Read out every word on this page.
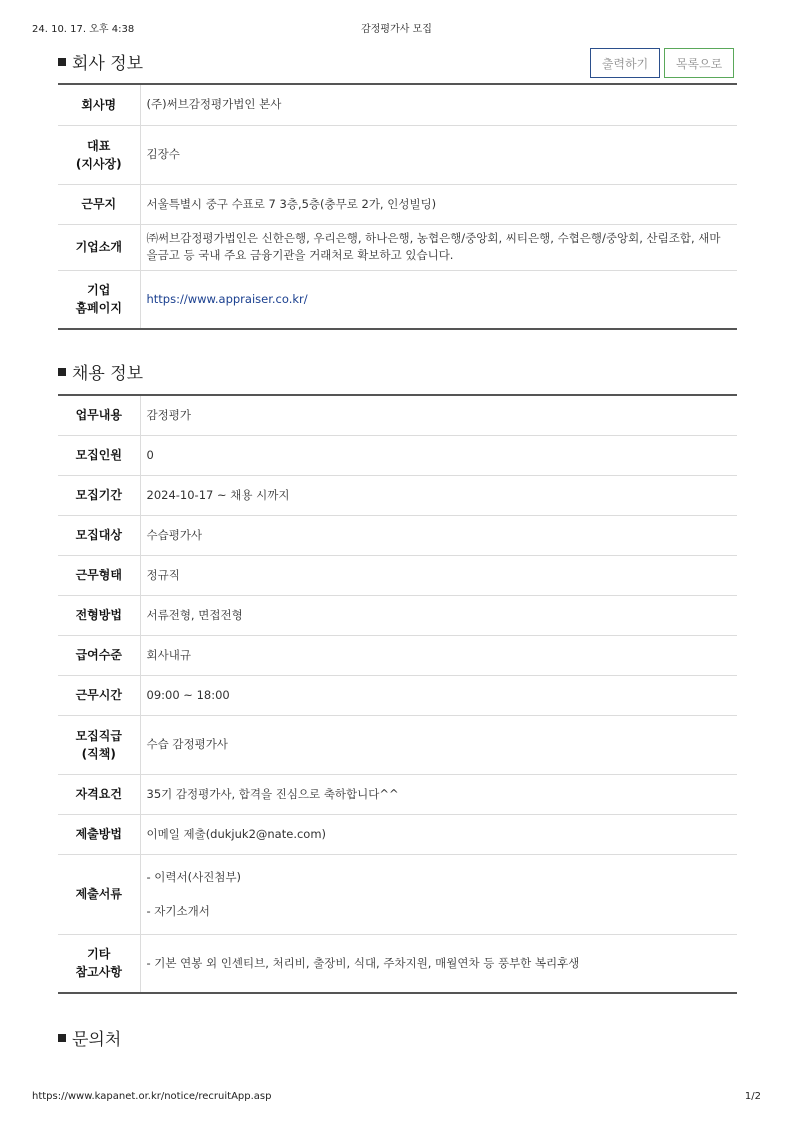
24. 10. 17. 오후 4:38	감정평가사 모집
회사 정보	출력하기	목록으로
회사명	(주)써브감정평가법인 본사
대표
(지사장)	김장수
근무지	서울특별시 중구 수표로 7 3층,5층(충무로 2가, 인성빌딩)
기업소개	㈜써브감정평가법인은 신한은행, 우리은행, 하나은행, 농협은행/중앙회, 씨티은행, 수협은행/중앙회, 산림조합, 새마을금고 등 국내 주요 금융기관을 거래처로 확보하고 있습니다.
기업
홈페이지	https://www.appraiser.co.kr/
채용 정보
업무내용	감정평가
모집인원	0
모집기간	2024-10-17 ~ 채용 시까지
모집대상	수습평가사
근무형태	정규직
전형방법	서류전형, 면접전형
급여수준	회사내규
근무시간	09:00 ~ 18:00
모집직급
(직책)	수습 감정평가사
자격요건	35기 감정평가사, 합격을 진심으로 축하합니다^^
제출방법	이메일 제출(dukjuk2@nate.com)
제출서류	- 이력서(사진첨부)

- 자기소개서
기타
참고사항	- 기본 연봉 외 인센티브, 처리비, 출장비, 식대, 주차지원, 매월연차 등 풍부한 복리후생
문의처
https://www.kapanet.or.kr/notice/recruitApp.asp	1/2
